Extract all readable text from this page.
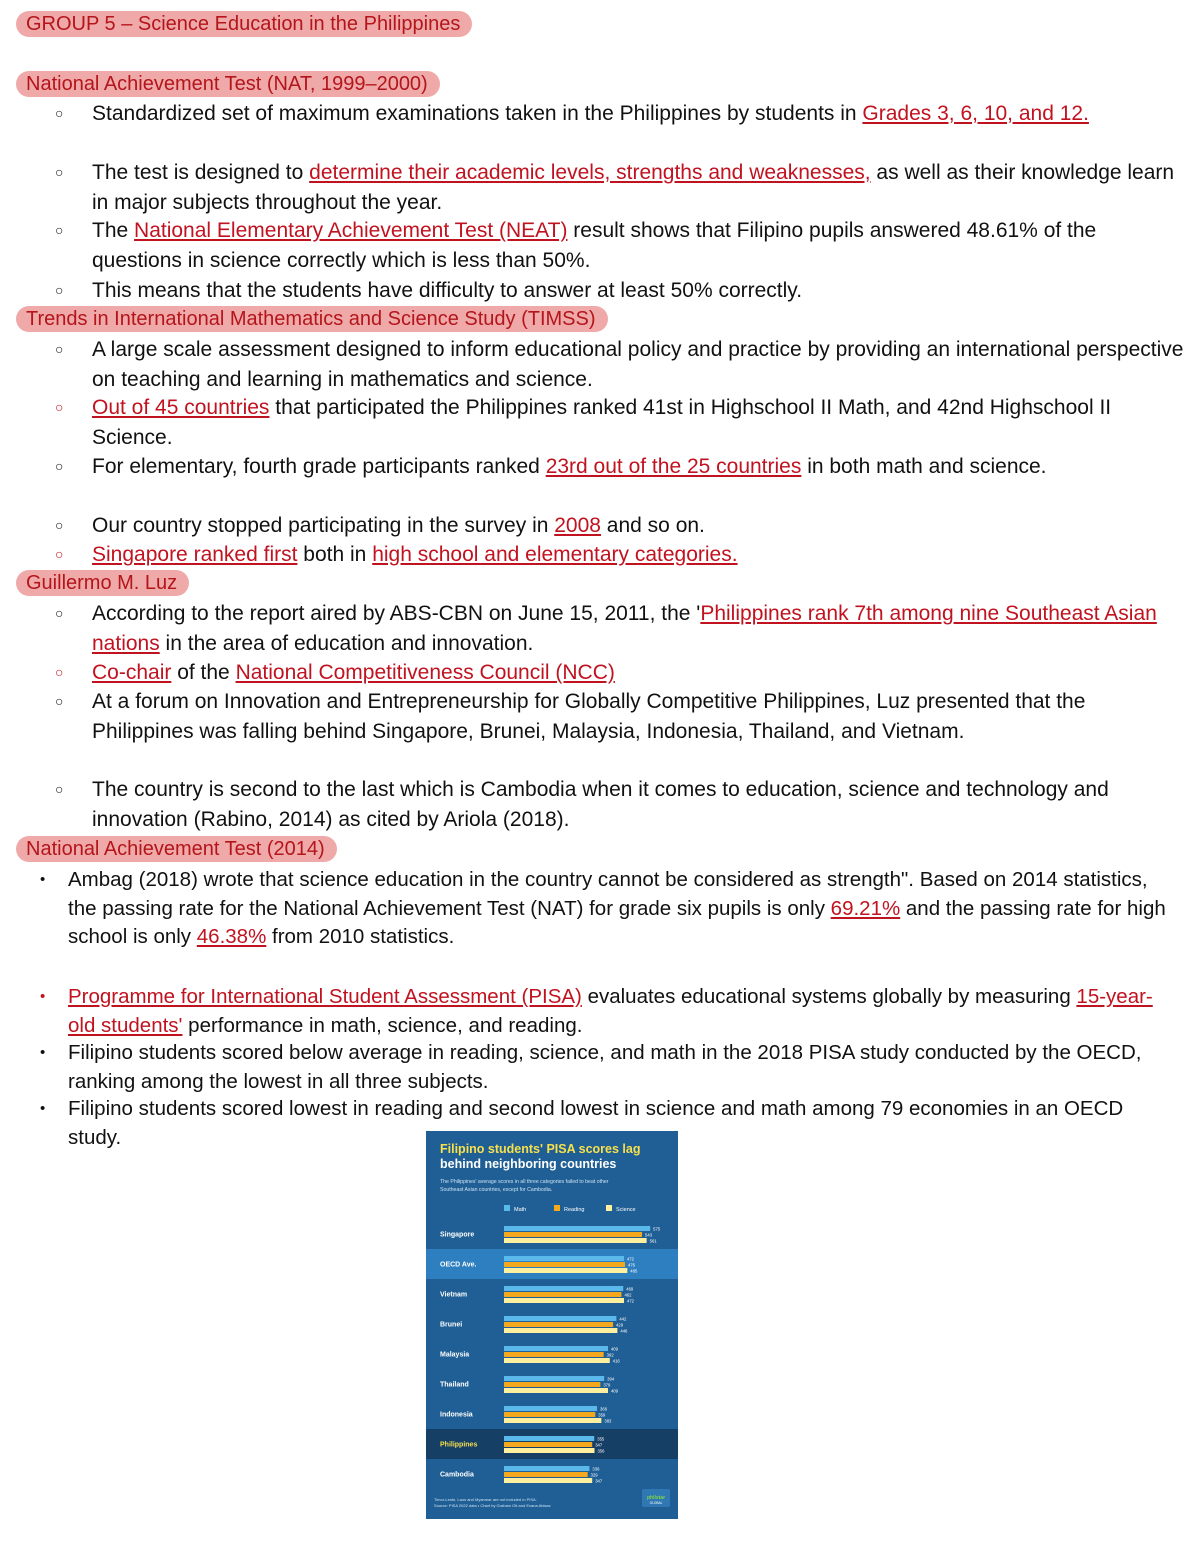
GROUP 5 – Science Education in the Philippines
National Achievement Test (NAT, 1999–2000)
○ Standardized set of maximum examinations taken in the Philippines by students in Grades 3, 6, 10, and 12.
○ The test is designed to determine their academic levels, strengths and weaknesses, as well as their knowledge learn in major subjects throughout the year.
○ The National Elementary Achievement Test (NEAT) result shows that Filipino pupils answered 48.61% of the questions in science correctly which is less than 50%.
○ This means that the students have difficulty to answer at least 50% correctly.
Trends in International Mathematics and Science Study (TIMSS)
○ A large scale assessment designed to inform educational policy and practice by providing an international perspective on teaching and learning in mathematics and science.
○ Out of 45 countries that participated the Philippines ranked 41st in Highschool II Math, and 42nd Highschool II Science.
○ For elementary, fourth grade participants ranked 23rd out of the 25 countries in both math and science.
○ Our country stopped participating in the survey in 2008 and so on.
○ Singapore ranked first both in high school and elementary categories.
Guillermo M. Luz
○ According to the report aired by ABS-CBN on June 15, 2011, the 'Philippines rank 7th among nine Southeast Asian nations in the area of education and innovation.
○ Co-chair of the National Competitiveness Council (NCC)
○ At a forum on Innovation and Entrepreneurship for Globally Competitive Philippines, Luz presented that the Philippines was falling behind Singapore, Brunei, Malaysia, Indonesia, Thailand, and Vietnam.
○ The country is second to the last which is Cambodia when it comes to education, science and technology and innovation (Rabino, 2014) as cited by Ariola (2018).
National Achievement Test (2014)
• Ambag (2018) wrote that science education in the country cannot be considered as strength". Based on 2014 statistics, the passing rate for the National Achievement Test (NAT) for grade six pupils is only 69.21% and the passing rate for high school is only 46.38% from 2010 statistics.
• Programme for International Student Assessment (PISA) evaluates educational systems globally by measuring 15-year-old students' performance in math, science, and reading.
• Filipino students scored below average in reading, science, and math in the 2018 PISA study conducted by the OECD, ranking among the lowest in all three subjects.
• Filipino students scored lowest in reading and second lowest in science and math among 79 economies in an OECD study.
Filipino students' PISA scores lag
behind neighboring countries
The Philippines' average scores in all three categories failed to beat other
Southeast Asian countries, except for Cambodia.
Math	Reading	Science
Singapore
575
543
561
OECD Ave.
472
476
485
Vietnam
469
462
472
Brunei
442
429
446
Malaysia
409
392
416
Thailand
394
379
409
Indonesia
366
359
383
Philippines
355
347
356
Cambodia
336
329
347
Timor-Leste, Laos and Myanmar are not included in PISA.
Source: PISA 2022 data • Chart by Graham Ott and Evana Abisac
philstar
GLOBAL
